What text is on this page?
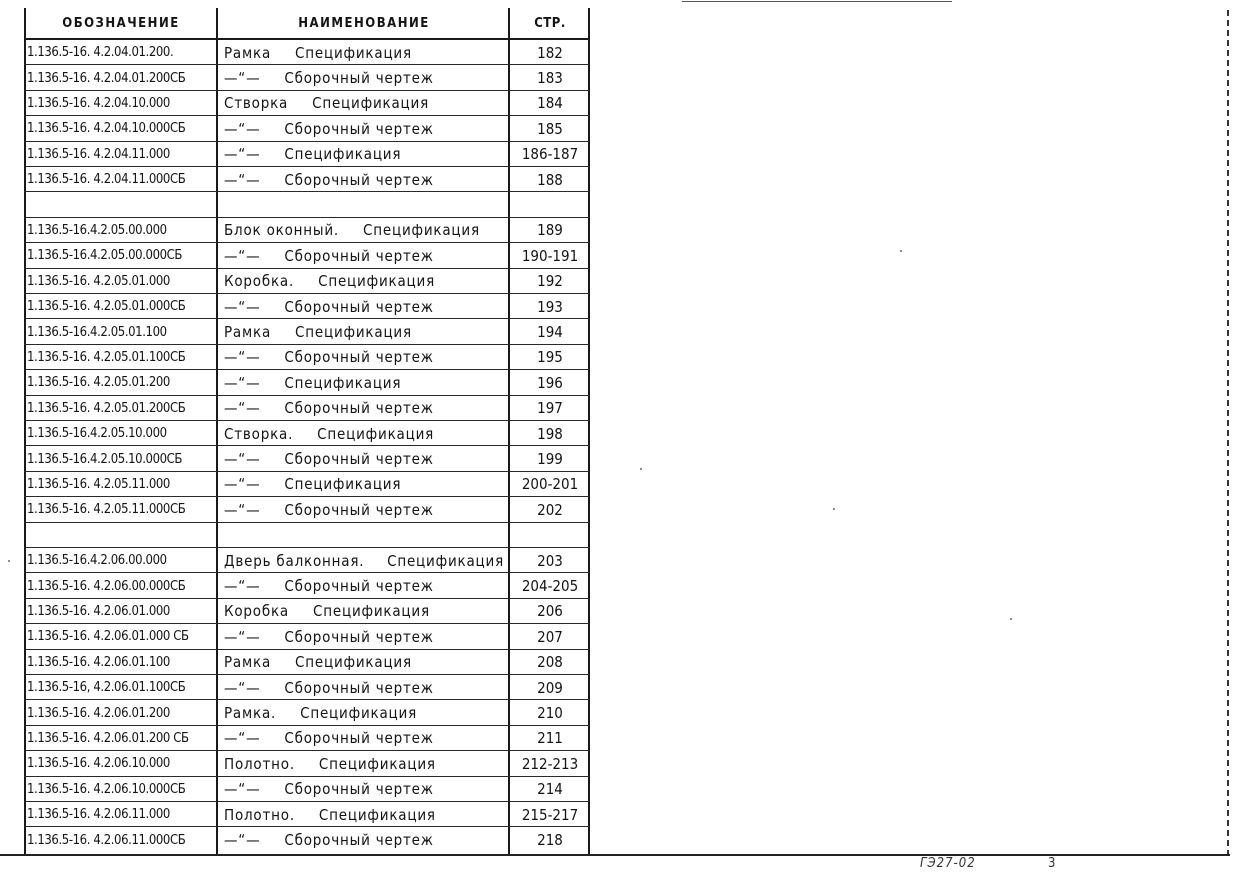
ОБОЗНАЧЕНИЕ	НАИМЕНОВАНИЕ	СТР.
1.136.5-16. 4.2.04.01.200.	Рамка Спецификация	182
1.136.5-16. 4.2.04.01.200СБ	—“— Сборочный чертеж	183
1.136.5-16. 4.2.04.10.000	Створка Спецификация	184
1.136.5-16. 4.2.04.10.000СБ	—“— Сборочный чертеж	185
1.136.5-16. 4.2.04.11.000	—“— Спецификация	186-187
1.136.5-16. 4.2.04.11.000СБ	—“— Сборочный чертеж	188
1.136.5-16.4.2.05.00.000	Блок оконный. Спецификация	189
1.136.5-16.4.2.05.00.000СБ	—“— Сборочный чертеж	190-191
1.136.5-16. 4.2.05.01.000	Коробка. Спецификация	192
1.136.5-16. 4.2.05.01.000СБ	—“— Сборочный чертеж	193
1.136.5-16.4.2.05.01.100	Рамка Спецификация	194
1.136.5-16. 4.2.05.01.100СБ	—“— Сборочный чертеж	195
1.136.5-16. 4.2.05.01.200	—“— Спецификация	196
1.136.5-16. 4.2.05.01.200СБ	—“— Сборочный чертеж	197
1.136.5-16.4.2.05.10.000	Створка. Спецификация	198
1.136.5-16.4.2.05.10.000СБ	—“— Сборочный чертеж	199
1.136.5-16. 4.2.05.11.000	—“— Спецификация	200-201
1.136.5-16. 4.2.05.11.000СБ	—“— Сборочный чертеж	202
1.136.5-16.4.2.06.00.000	Дверь балконная. Спецификация	203
1.136.5-16. 4.2.06.00.000СБ	—“— Сборочный чертеж	204-205
1.136.5-16. 4.2.06.01.000	Коробка Спецификация	206
1.136.5-16. 4.2.06.01.000 СБ	—“— Сборочный чертеж	207
1.136.5-16. 4.2.06.01.100	Рамка Спецификация	208
1.136.5-16, 4.2.06.01.100СБ	—“— Сборочный чертеж	209
1.136.5-16. 4.2.06.01.200	Рамка. Спецификация	210
1.136.5-16. 4.2.06.01.200 СБ	—“— Сборочный чертеж	211
1.136.5-16. 4.2.06.10.000	Полотно. Спецификация	212-213
1.136.5-16. 4.2.06.10.000СБ	—“— Сборочный чертеж	214
1.136.5-16. 4.2.06.11.000	Полотно. Спецификация	215-217
1.136.5-16. 4.2.06.11.000СБ	—“— Сборочный чертеж	218
ГЭ27-02	3
